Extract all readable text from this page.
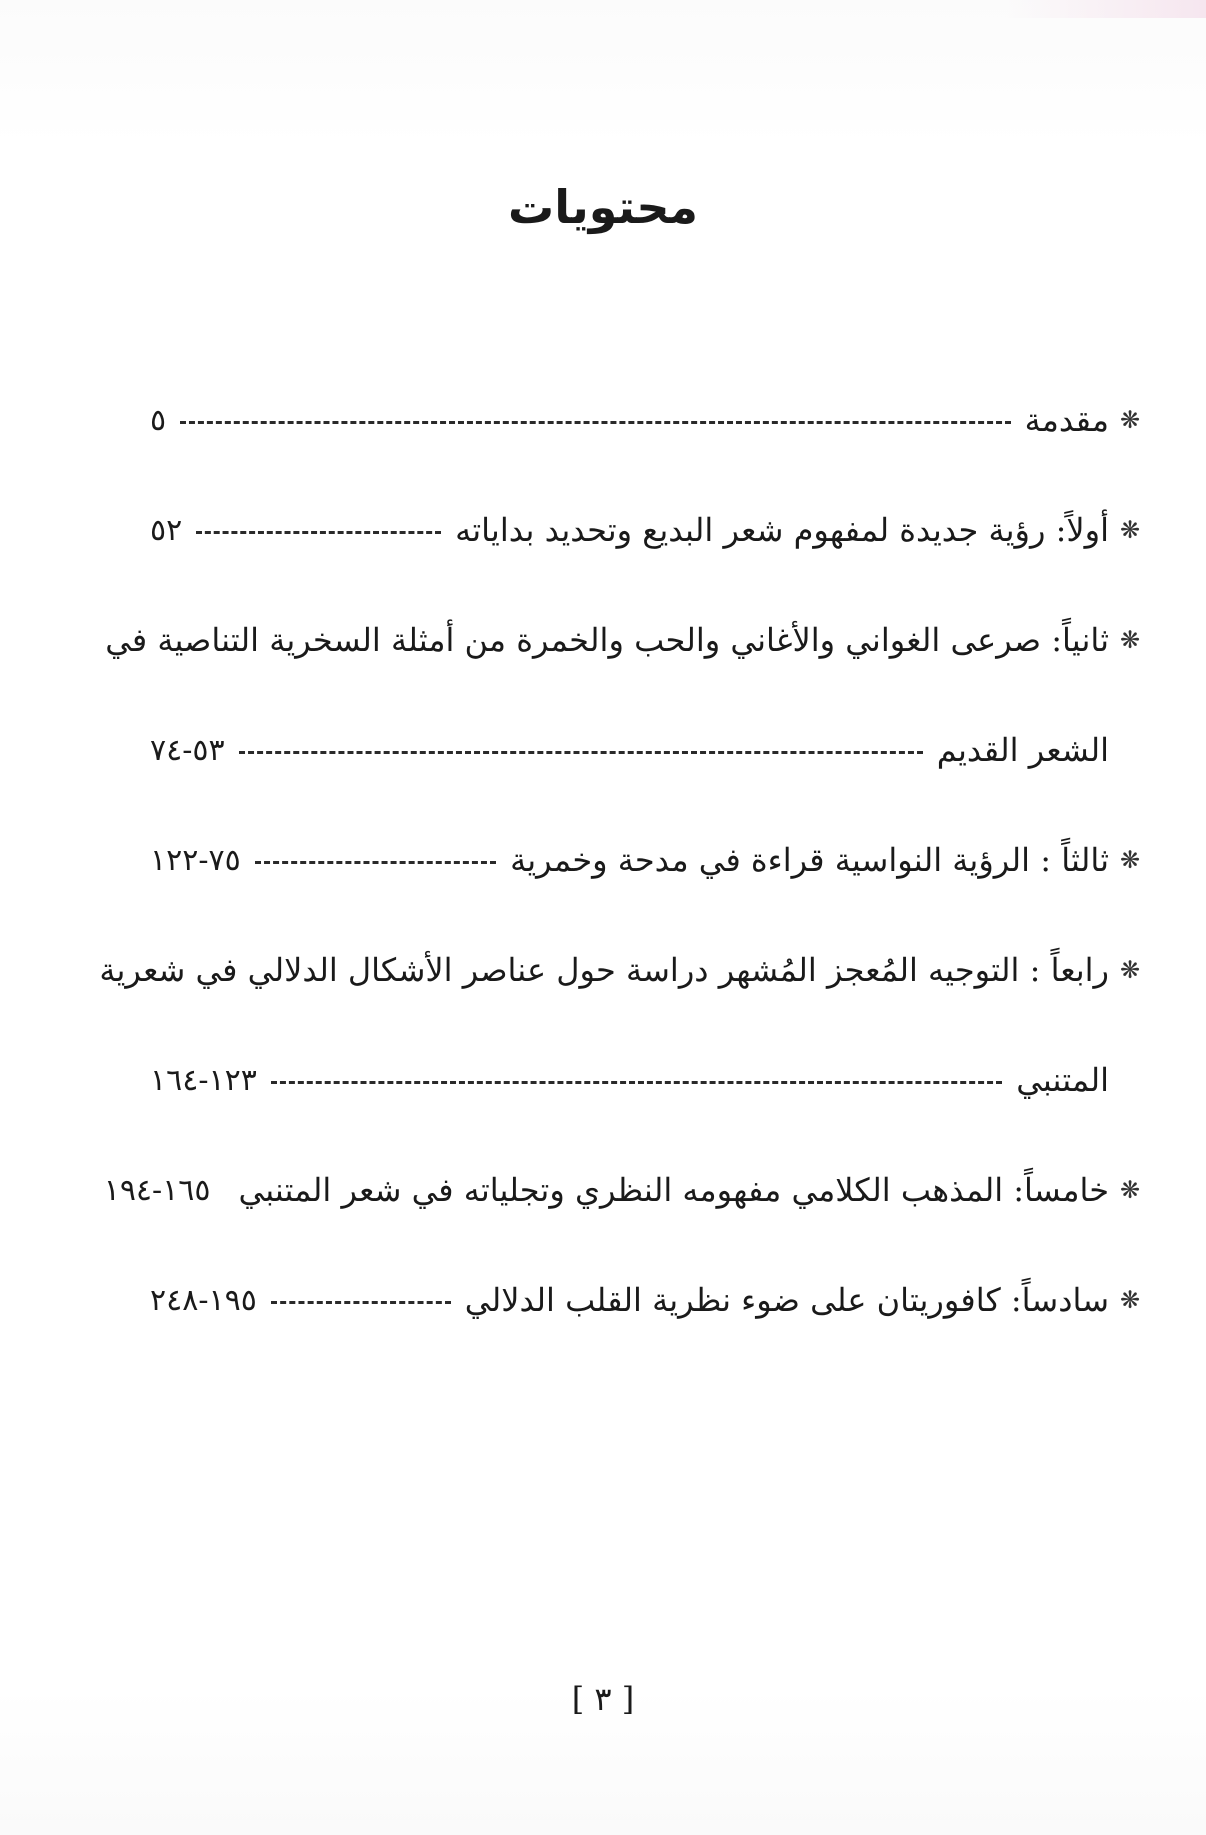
محتويات
❋
مقدمة
٥
❋
أولاً: رؤية جديدة لمفهوم شعر البديع وتحديد بداياته
٥٢
❋
ثانياً: صرعى الغواني والأغاني والحب والخمرة من أمثلة السخرية التناصية في
الشعر القديم
٥٣-٧٤
❋
ثالثاً : الرؤية النواسية قراءة في مدحة وخمرية
٧٥-١٢٢
❋
رابعاً : التوجيه المُعجز المُشهر دراسة حول عناصر الأشكال الدلالي في شعرية
المتنبي
١٢٣-١٦٤
❋
خامساً: المذهب الكلامي مفهومه النظري وتجلياته في شعر المتنبي
١٦٥-١٩٤
❋
سادساً: كافوريتان على ضوء نظرية القلب الدلالي
١٩٥-٢٤٨
[ ٣ ]
